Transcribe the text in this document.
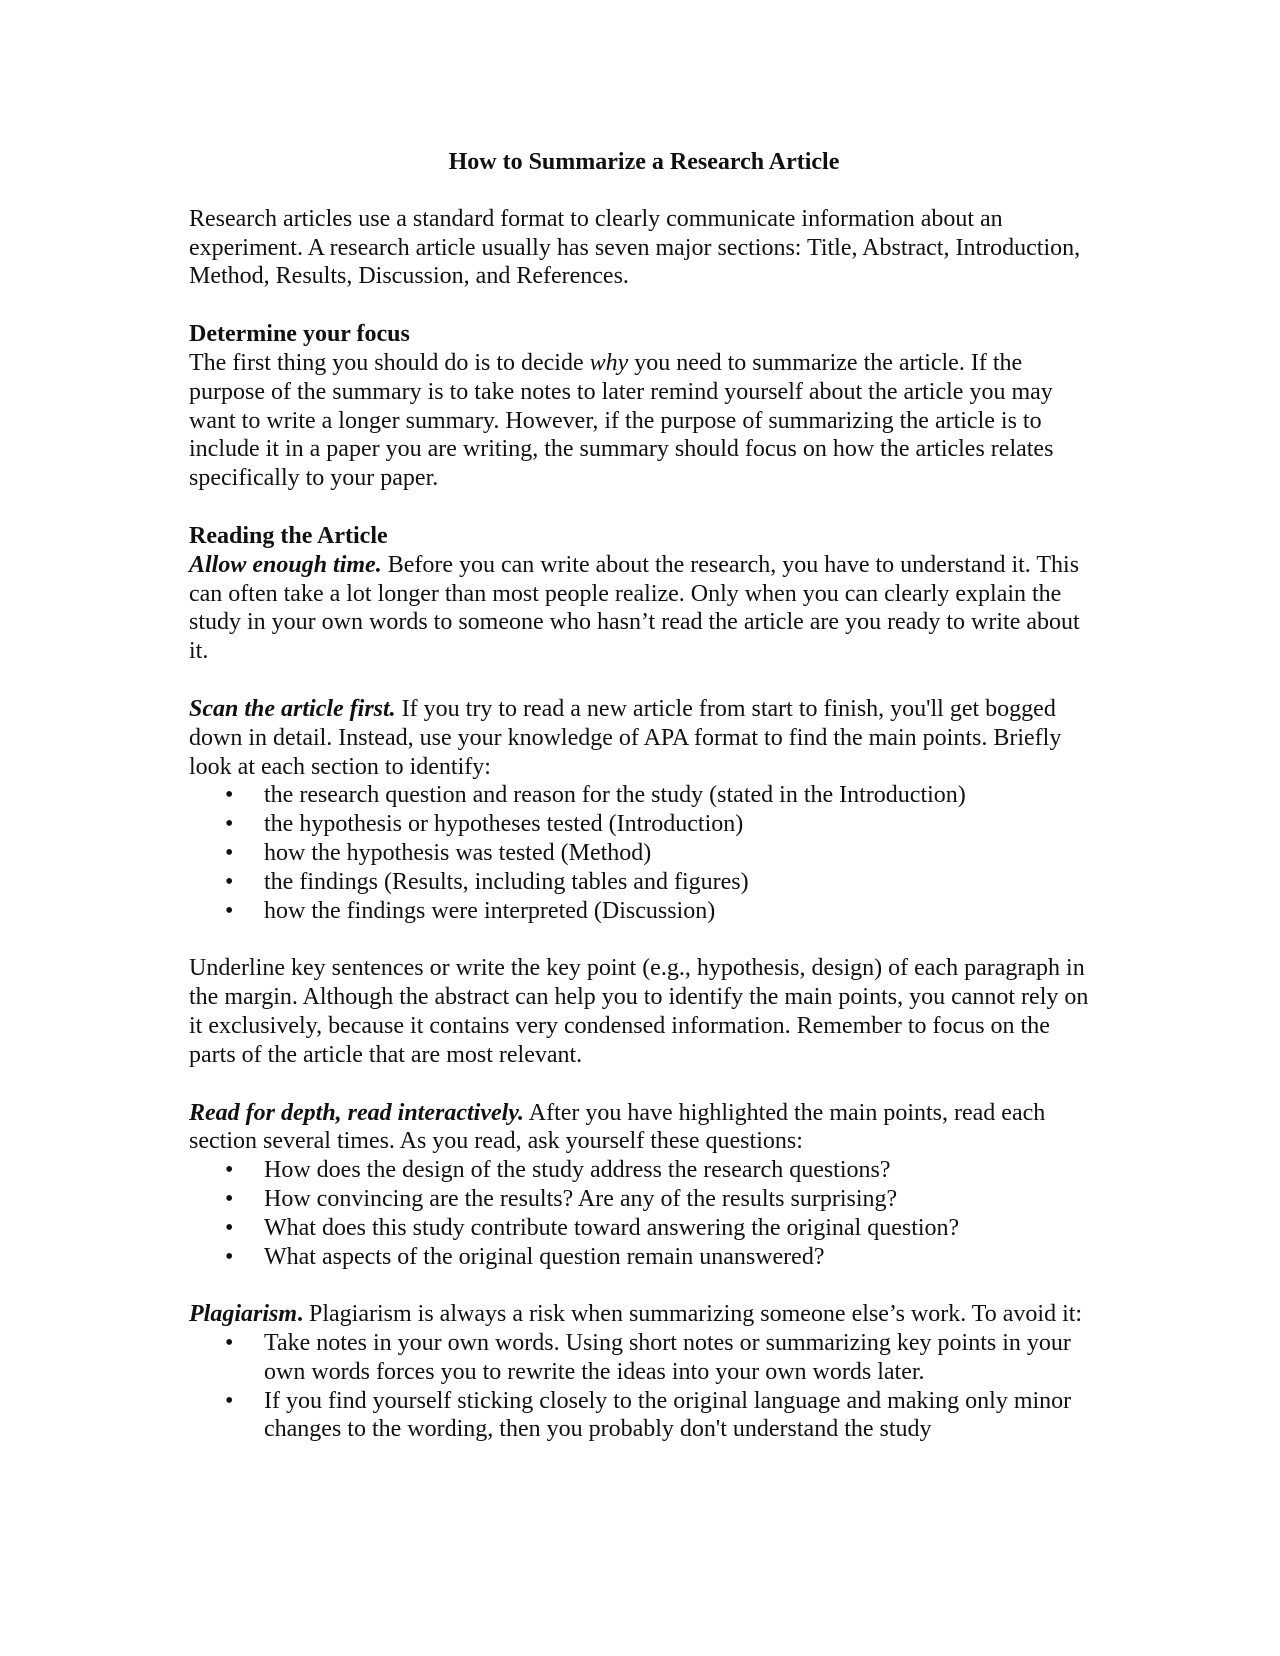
How to Summarize a Research Article

Research articles use a standard format to clearly communicate information about an experiment. A research article usually has seven major sections: Title, Abstract, Introduction, Method, Results, Discussion, and References.

Determine your focus

The first thing you should do is to decide why you need to summarize the article. If the purpose of the summary is to take notes to later remind yourself about the article you may want to write a longer summary. However, if the purpose of summarizing the article is to include it in a paper you are writing, the summary should focus on how the articles relates specifically to your paper.

Reading the Article

Allow enough time. Before you can write about the research, you have to understand it. This can often take a lot longer than most people realize. Only when you can clearly explain the study in your own words to someone who hasn’t read the article are you ready to write about it.

Scan the article first. If you try to read a new article from start to finish, you'll get bogged down in detail. Instead, use your knowledge of APA format to find the main points. Briefly look at each section to identify:

• the research question and reason for the study (stated in the Introduction)
• the hypothesis or hypotheses tested (Introduction)
• how the hypothesis was tested (Method)
• the findings (Results, including tables and figures)
• how the findings were interpreted (Discussion)

Underline key sentences or write the key point (e.g., hypothesis, design) of each paragraph in the margin. Although the abstract can help you to identify the main points, you cannot rely on it exclusively, because it contains very condensed information. Remember to focus on the parts of the article that are most relevant.

Read for depth, read interactively. After you have highlighted the main points, read each section several times. As you read, ask yourself these questions:

• How does the design of the study address the research questions?
• How convincing are the results? Are any of the results surprising?
• What does this study contribute toward answering the original question?
• What aspects of the original question remain unanswered?

Plagiarism. Plagiarism is always a risk when summarizing someone else’s work. To avoid it:

• Take notes in your own words. Using short notes or summarizing key points in your own words forces you to rewrite the ideas into your own words later.
• If you find yourself sticking closely to the original language and making only minor changes to the wording, then you probably don't understand the study
